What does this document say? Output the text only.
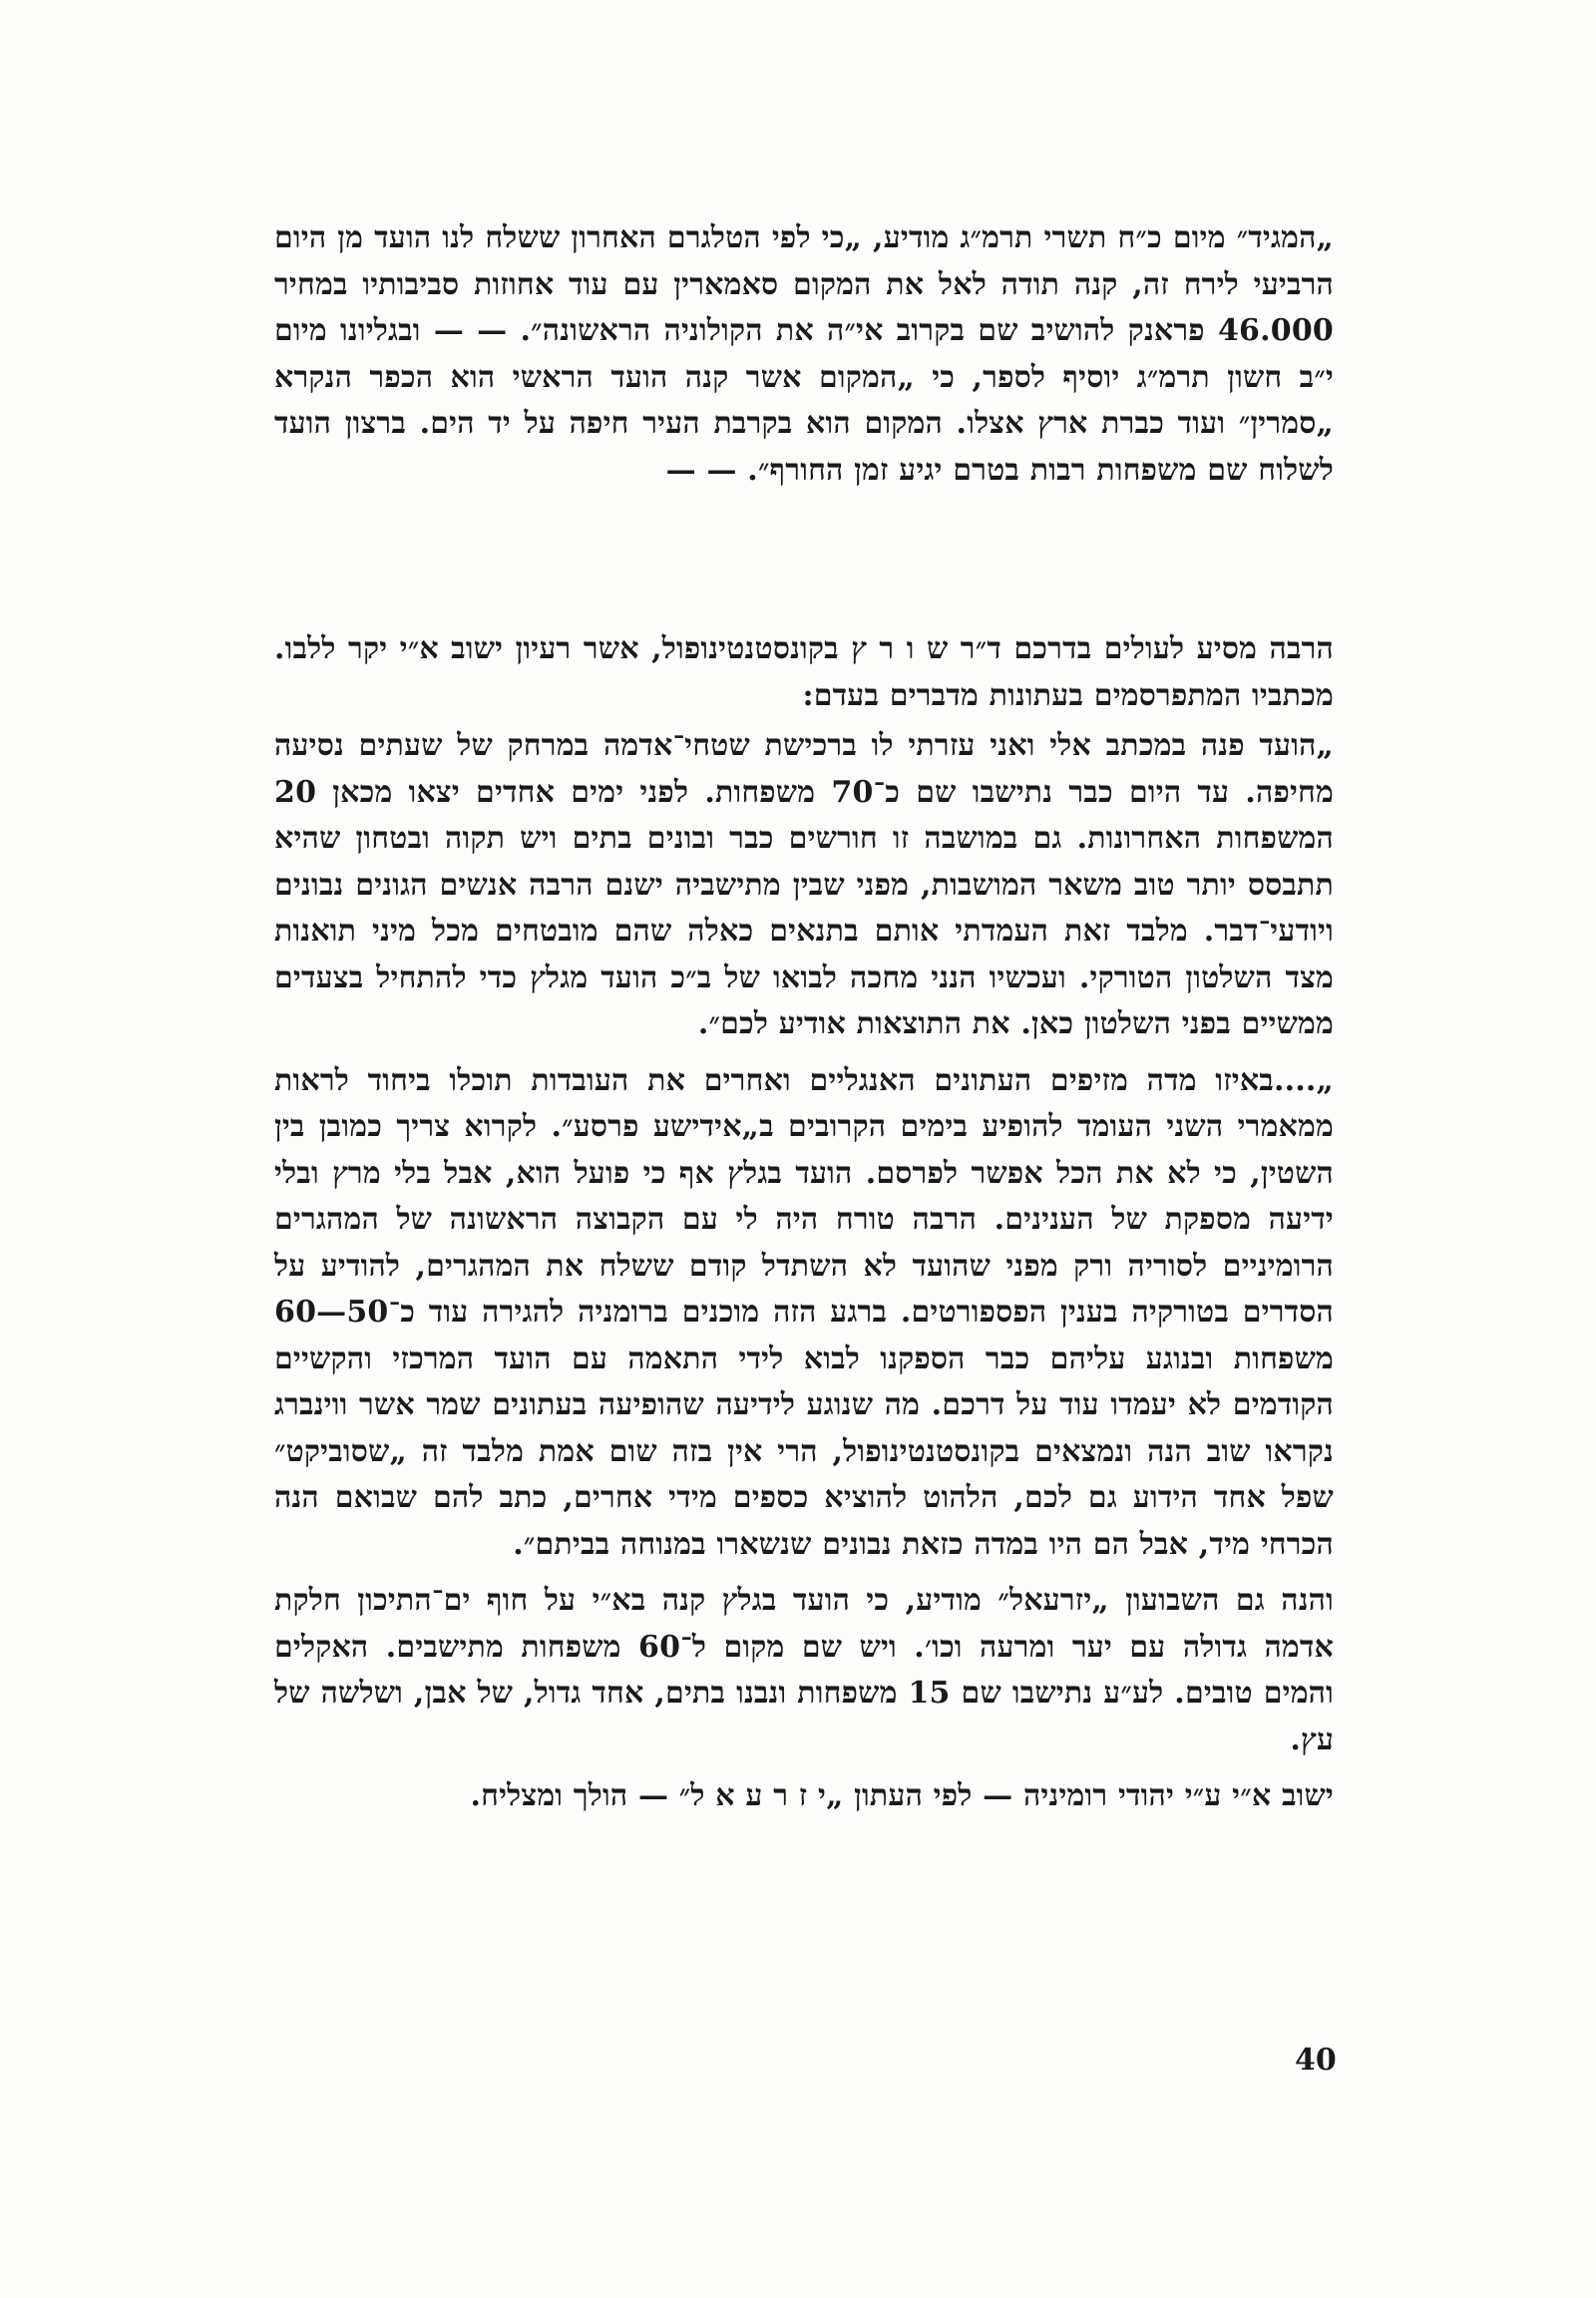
„המגיד״ מיום כ״ח תשרי תרמ״ג מודיע, „כי לפי הטלגרם האחרון ששלח לנו הועד מן היום הרביעי לירח זה, קנה תודה לאל את המקום סאמארין עם עוד אחוזות סביבותיו במחיר 46.000 פראנק להושיב שם בקרוב אי״ה את הקולוניה הראשונה״. — — ובגליונו מיום י״ב חשון תרמ״ג יוסיף לספר, כי „המקום אשר קנה הועד הראשי הוא הכפר הנקרא „סמרין״ ועוד כברת ארץ אצלו. המקום הוא בקרבת העיר חיפה על יד הים. ברצון הועד לשלוח שם משפחות רבות בטרם יגיע זמן החורף״. — —

הרבה מסיע לעולים בדרכם ד״ר ש ו ר ץ בקונסטנטינופול, אשר רעיון ישוב א״י יקר ללבו. מכתביו המתפרסמים בעתונות מדברים בעדם:

„הועד פנה במכתב אלי ואני עזרתי לו ברכישת שטחי־אדמה במרחק של שעתים נסיעה מחיפה. עד היום כבר נתישבו שם כ־70 משפחות. לפני ימים אחדים יצאו מכאן 20 המשפחות האחרונות. גם במושבה זו חורשים כבר ובונים בתים ויש תקוה ובטחון שהיא תתבסס יותר טוב משאר המושבות, מפני שבין מתישביה ישנם הרבה אנשים הגונים נבונים ויודעי־דבר. מלבד זאת העמדתי אותם בתנאים כאלה שהם מובטחים מכל מיני תואנות מצד השלטון הטורקי. ועכשיו הנני מחכה לבואו של ב״כ הועד מגלץ כדי להתחיל בצעדים ממשיים בפני השלטון כאן. את התוצאות אודיע לכם״.

„....באיזו מדה מזיפים העתונים האנגליים ואחרים את העובדות תוכלו ביחוד לראות ממאמרי השני העומד להופיע בימים הקרובים ב„אידישע פרסע״. לקרוא צריך כמובן בין השטין, כי לא את הכל אפשר לפרסם. הועד בגלץ אף כי פועל הוא, אבל בלי מרץ ובלי ידיעה מספקת של הענינים. הרבה טורח היה לי עם הקבוצה הראשונה של המהגרים הרומיניים לסוריה ורק מפני שהועד לא השתדל קודם ששלח את המהגרים, להודיע על הסדרים בטורקיה בענין הפספורטים. ברגע הזה מוכנים ברומניה להגירה עוד כ־50—60 משפחות ובנוגע עליהם כבר הספקנו לבוא לידי התאמה עם הועד המרכזי והקשיים הקודמים לא יעמדו עוד על דרכם. מה שנוגע לידיעה שהופיעה בעתונים שמר אשר ווינברג נקראו שוב הנה ונמצאים בקונסטנטינופול, הרי אין בזה שום אמת מלבד זה „שסוביקט״ שפל אחד הידוע גם לכם, הלהוט להוציא כספים מידי אחרים, כתב להם שבואם הנה הכרחי מיד, אבל הם היו במדה כזאת נבונים שנשארו במנוחה בביתם״.

והנה גם השבועון „יזרעאל״ מודיע, כי הועד בגלץ קנה בא״י על חוף ים־התיכון חלקת אדמה גדולה עם יער ומרעה וכו׳. ויש שם מקום ל־60 משפחות מתישבים. האקלים והמים טובים. לע״ע נתישבו שם 15 משפחות ונבנו בתים, אחד גדול, של אבן, ושלשה של עץ.

ישוב א״י ע״י יהודי רומיניה — לפי העתון „י ז ר ע א ל״ — הולך ומצליח.

40
